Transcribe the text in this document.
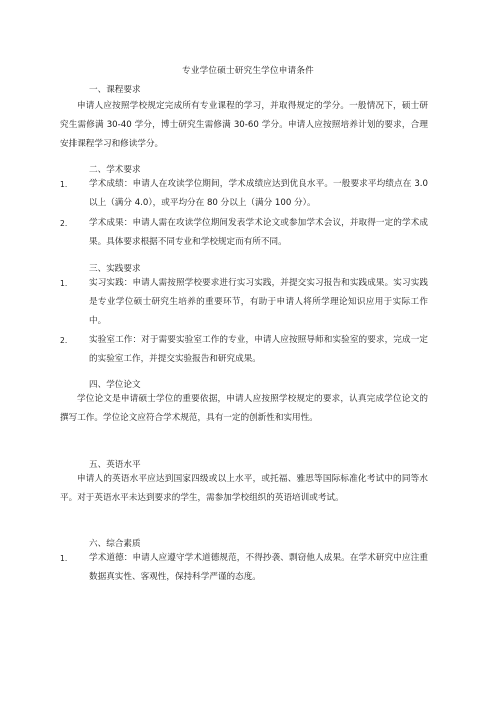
专业学位硕士研究生学位申请条件
一、课程要求
申请人应按照学校规定完成所有专业课程的学习，并取得规定的学分。一般情况下，硕士研究生需修满 30-40 学分，博士研究生需修满 30-60 学分。申请人应按照培养计划的要求，合理安排课程学习和修读学分。
二、学术要求
1.	学术成绩：申请人在攻读学位期间，学术成绩应达到优良水平。一般要求平均绩点在 3.0 以上（满分 4.0），或平均分在 80 分以上（满分 100 分）。
2.	学术成果：申请人需在攻读学位期间发表学术论文或参加学术会议，并取得一定的学术成果。具体要求根据不同专业和学校规定而有所不同。
三、实践要求
1.	实习实践：申请人需按照学校要求进行实习实践，并提交实习报告和实践成果。实习实践是专业学位硕士研究生培养的重要环节，有助于申请人将所学理论知识应用于实际工作中。
2.	实验室工作：对于需要实验室工作的专业，申请人应按照导师和实验室的要求，完成一定的实验室工作，并提交实验报告和研究成果。
四、学位论文
学位论文是申请硕士学位的重要依据，申请人应按照学校规定的要求，认真完成学位论文的撰写工作。学位论文应符合学术规范，具有一定的创新性和实用性。
五、英语水平
申请人的英语水平应达到国家四级或以上水平，或托福、雅思等国际标准化考试中的同等水平。对于英语水平未达到要求的学生，需参加学校组织的英语培训或考试。
六、综合素质
1.	学术道德：申请人应遵守学术道德规范，不得抄袭、剽窃他人成果。在学术研究中应注重数据真实性、客观性，保持科学严谨的态度。
